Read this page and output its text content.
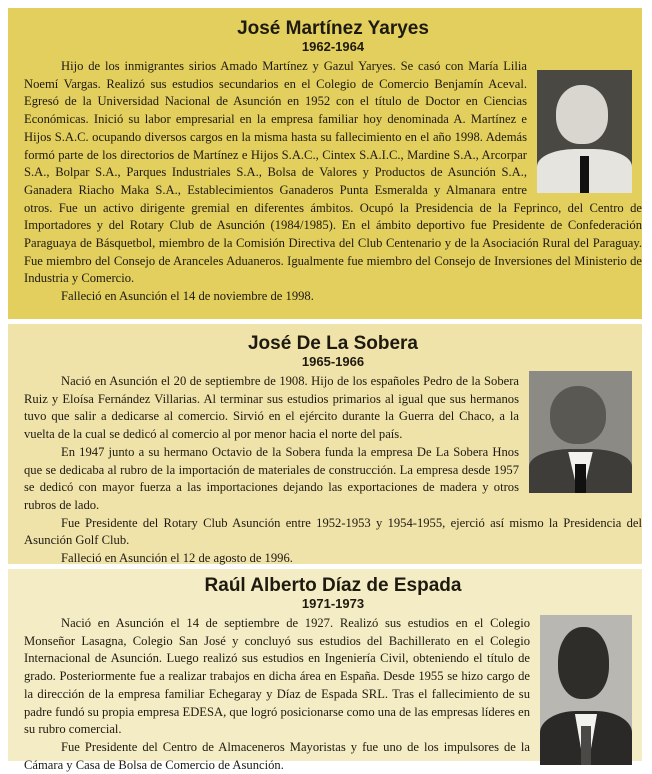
José Martínez Yaryes
1962-1964

Hijo de los inmigrantes sirios Amado Martínez y Gazul Yaryes. Se casó con María Lilia Noemí Vargas. Realizó sus estudios secundarios en el Colegio de Comercio Benjamín Aceval. Egresó de la Universidad Nacional de Asunción en 1952 con el título de Doctor en Ciencias Económicas. Inició su labor empresarial en la empresa familiar hoy denominada A. Martínez e Hijos S.A.C. ocupando diversos cargos en la misma hasta su fallecimiento en el año 1998. Además formó parte de los directorios de Martínez e Hijos S.A.C., Cintex S.A.I.C., Mardine S.A., Arcorpar S.A., Bolpar S.A., Parques Industriales S.A., Bolsa de Valores y Productos de Asunción S.A., Ganadera Riacho Maka S.A., Establecimientos Ganaderos Punta Esmeralda y Almanara entre otros. Fue un activo dirigente gremial en diferentes ámbitos. Ocupó la Presidencia de la Feprinco, del Centro de Importadores y del Rotary Club de Asunción (1984/1985). En el ámbito deportivo fue Presidente de Confederación Paraguaya de Básquetbol, miembro de la Comisión Directiva del Club Centenario y de la Asociación Rural del Paraguay. Fue miembro del Consejo de Aranceles Aduaneros. Igualmente fue miembro del Consejo de Inversiones del Ministerio de Industria y Comercio.

Falleció en Asunción el 14 de noviembre de 1998.

José De La Sobera
1965-1966

Nació en Asunción el 20 de septiembre de 1908. Hijo de los españoles Pedro de la Sobera Ruiz y Eloísa Fernández Villarias. Al terminar sus estudios primarios al igual que sus hermanos tuvo que salir a dedicarse al comercio. Sirvió en el ejército durante la Guerra del Chaco, a la vuelta de la cual se dedicó al comercio al por menor hacia el norte del país.

En 1947 junto a su hermano Octavio de la Sobera funda la empresa De La Sobera Hnos que se dedicaba al rubro de la importación de materiales de construcción. La empresa desde 1957 se dedicó con mayor fuerza a las importaciones dejando las exportaciones de madera y otros rubros de lado.

Fue Presidente del Rotary Club Asunción entre 1952-1953 y 1954-1955, ejerció así mismo la Presidencia del Asunción Golf Club.

Falleció en Asunción el 12 de agosto de 1996.

Raúl Alberto Díaz de Espada
1971-1973

Nació en Asunción el 14 de septiembre de 1927. Realizó sus estudios en el Colegio Monseñor Lasagna, Colegio San José y concluyó sus estudios del Bachillerato en el Colegio Internacional de Asunción. Luego realizó sus estudios en Ingeniería Civil, obteniendo el título de grado. Posteriormente fue a realizar trabajos en dicha área en España. Desde 1955 se hizo cargo de la dirección de la empresa familiar Echegaray y Díaz de Espada SRL. Tras el fallecimiento de su padre fundó su propia empresa EDESA, que logró posicionarse como una de las empresas líderes en su rubro comercial.

Fue Presidente del Centro de Almaceneros Mayoristas y fue uno de los impulsores de la Cámara y Casa de Bolsa de Comercio de Asunción.
